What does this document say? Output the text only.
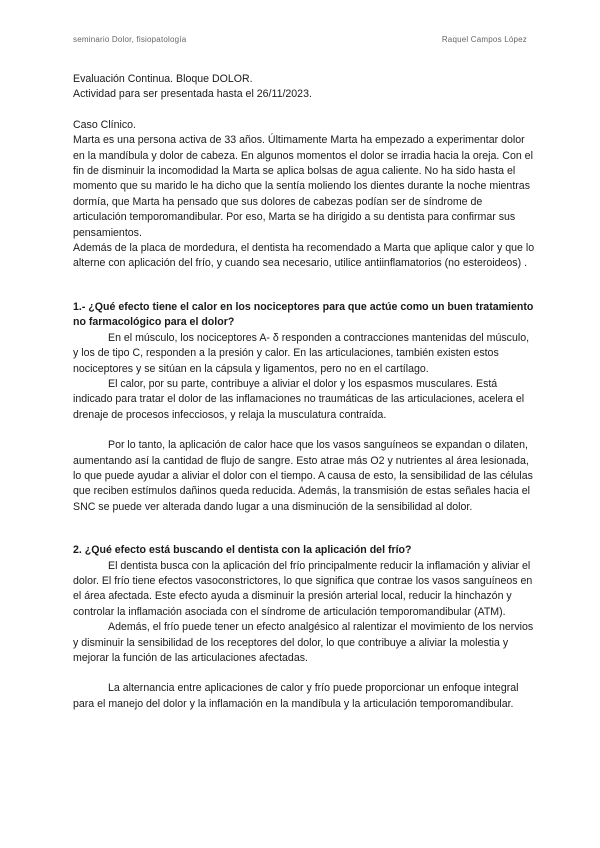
seminario Dolor, fisiopatología	Raquel Campos López

Evaluación Continua. Bloque DOLOR.

Actividad para ser presentada hasta el 26/11/2023.

Caso Clínico.

Marta es una persona activa de 33 años. Últimamente Marta ha empezado a experimentar dolor en la mandíbula y dolor de cabeza. En algunos momentos el dolor se irradia hacia la oreja. Con el fin de disminuir la incomodidad la Marta se aplica bolsas de agua caliente. No ha sido hasta el momento que su marido le ha dicho que la sentía moliendo los dientes durante la noche mientras dormía, que Marta ha pensado que sus dolores de cabezas podían ser de síndrome de articulación temporomandibular. Por eso, Marta se ha dirigido a su dentista para confirmar sus pensamientos.

Además de la placa de mordedura, el dentista ha recomendado a Marta que aplique calor y que lo alterne con aplicación del frío, y cuando sea necesario, utilice antiinflamatorios (no esteroideos) .

1.- ¿Qué efecto tiene el calor en los nociceptores para que actúe como un buen tratamiento no farmacológico para el dolor?

En el músculo, los nociceptores A- δ responden a contracciones mantenidas del músculo, y los de tipo C, responden a la presión y calor. En las articulaciones, también existen estos nociceptores y se sitúan en la cápsula y ligamentos, pero no en el cartílago.

El calor, por su parte, contribuye a aliviar el dolor y los espasmos musculares. Está indicado para tratar el dolor de las inflamaciones no traumáticas de las articulaciones, acelera el drenaje de procesos infecciosos, y relaja la musculatura contraída.

Por lo tanto, la aplicación de calor hace que los vasos sanguíneos se expandan o dilaten, aumentando así la cantidad de flujo de sangre. Esto atrae más O2 y nutrientes al área lesionada, lo que puede ayudar a aliviar el dolor con el tiempo. A causa de esto, la sensibilidad de las células que reciben estímulos dañinos queda reducida. Además, la transmisión de estas señales hacia el SNC se puede ver alterada dando lugar a una disminución de la sensibilidad al dolor.

2. ¿Qué efecto está buscando el dentista con la aplicación del frío?

El dentista busca con la aplicación del frío principalmente reducir la inflamación y aliviar el dolor. El frío tiene efectos vasoconstrictores, lo que significa que contrae los vasos sanguíneos en el área afectada. Este efecto ayuda a disminuir la presión arterial local, reducir la hinchazón y controlar la inflamación asociada con el síndrome de articulación temporomandibular (ATM).

Además, el frío puede tener un efecto analgésico al ralentizar el movimiento de los nervios y disminuir la sensibilidad de los receptores del dolor, lo que contribuye a aliviar la molestia y mejorar la función de las articulaciones afectadas.

La alternancia entre aplicaciones de calor y frío puede proporcionar un enfoque integral para el manejo del dolor y la inflamación en la mandíbula y la articulación temporomandibular.
